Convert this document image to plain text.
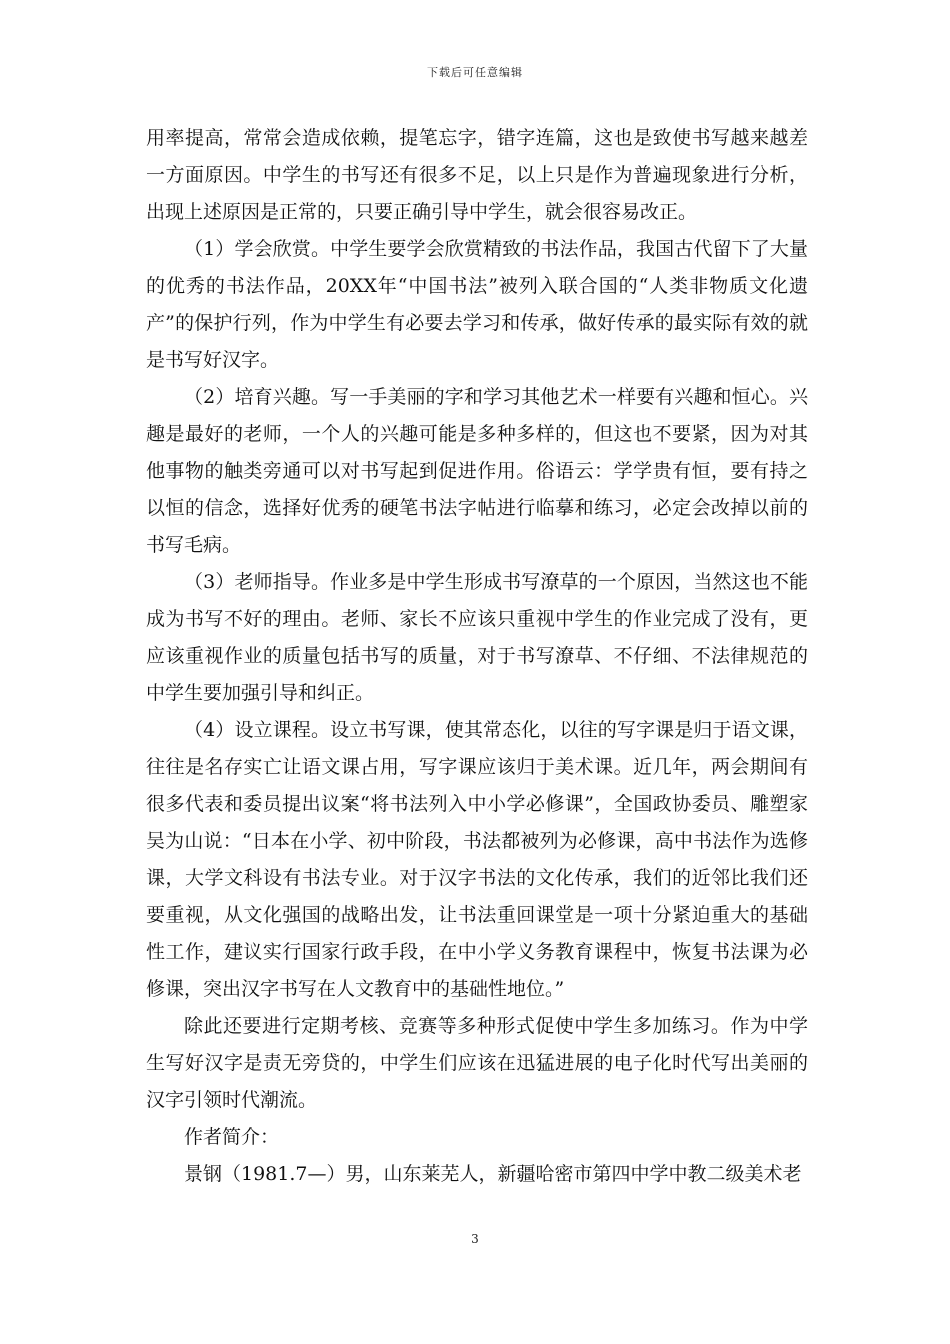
下载后可任意编辑

用率提高，常常会造成依赖，提笔忘字，错字连篇，这也是致使书写越来越差一方面原因。中学生的书写还有很多不足，以上只是作为普遍现象进行分析，出现上述原因是正常的，只要正确引导中学生，就会很容易改正。

（1）学会欣赏。中学生要学会欣赏精致的书法作品，我国古代留下了大量的优秀的书法作品，20XX年“中国书法”被列入联合国的“人类非物质文化遗产”的保护行列，作为中学生有必要去学习和传承，做好传承的最实际有效的就是书写好汉字。

（2）培育兴趣。写一手美丽的字和学习其他艺术一样要有兴趣和恒心。兴趣是最好的老师，一个人的兴趣可能是多种多样的，但这也不要紧，因为对其他事物的触类旁通可以对书写起到促进作用。俗语云：学学贵有恒，要有持之以恒的信念，选择好优秀的硬笔书法字帖进行临摹和练习，必定会改掉以前的书写毛病。

（3）老师指导。作业多是中学生形成书写潦草的一个原因，当然这也不能成为书写不好的理由。老师、家长不应该只重视中学生的作业完成了没有，更应该重视作业的质量包括书写的质量，对于书写潦草、不仔细、不法律规范的中学生要加强引导和纠正。

（4）设立课程。设立书写课，使其常态化，以往的写字课是归于语文课，往往是名存实亡让语文课占用，写字课应该归于美术课。近几年，两会期间有很多代表和委员提出议案“将书法列入中小学必修课”，全国政协委员、雕塑家吴为山说：“日本在小学、初中阶段，书法都被列为必修课，高中书法作为选修课，大学文科设有书法专业。对于汉字书法的文化传承，我们的近邻比我们还要重视，从文化强国的战略出发，让书法重回课堂是一项十分紧迫重大的基础性工作，建议实行国家行政手段，在中小学义务教育课程中，恢复书法课为必修课，突出汉字书写在人文教育中的基础性地位。”

除此还要进行定期考核、竞赛等多种形式促使中学生多加练习。作为中学生写好汉字是责无旁贷的，中学生们应该在迅猛进展的电子化时代写出美丽的汉字引领时代潮流。

作者简介：

景钢（1981.7—）男，山东莱芜人，新疆哈密市第四中学中教二级美术老

3
